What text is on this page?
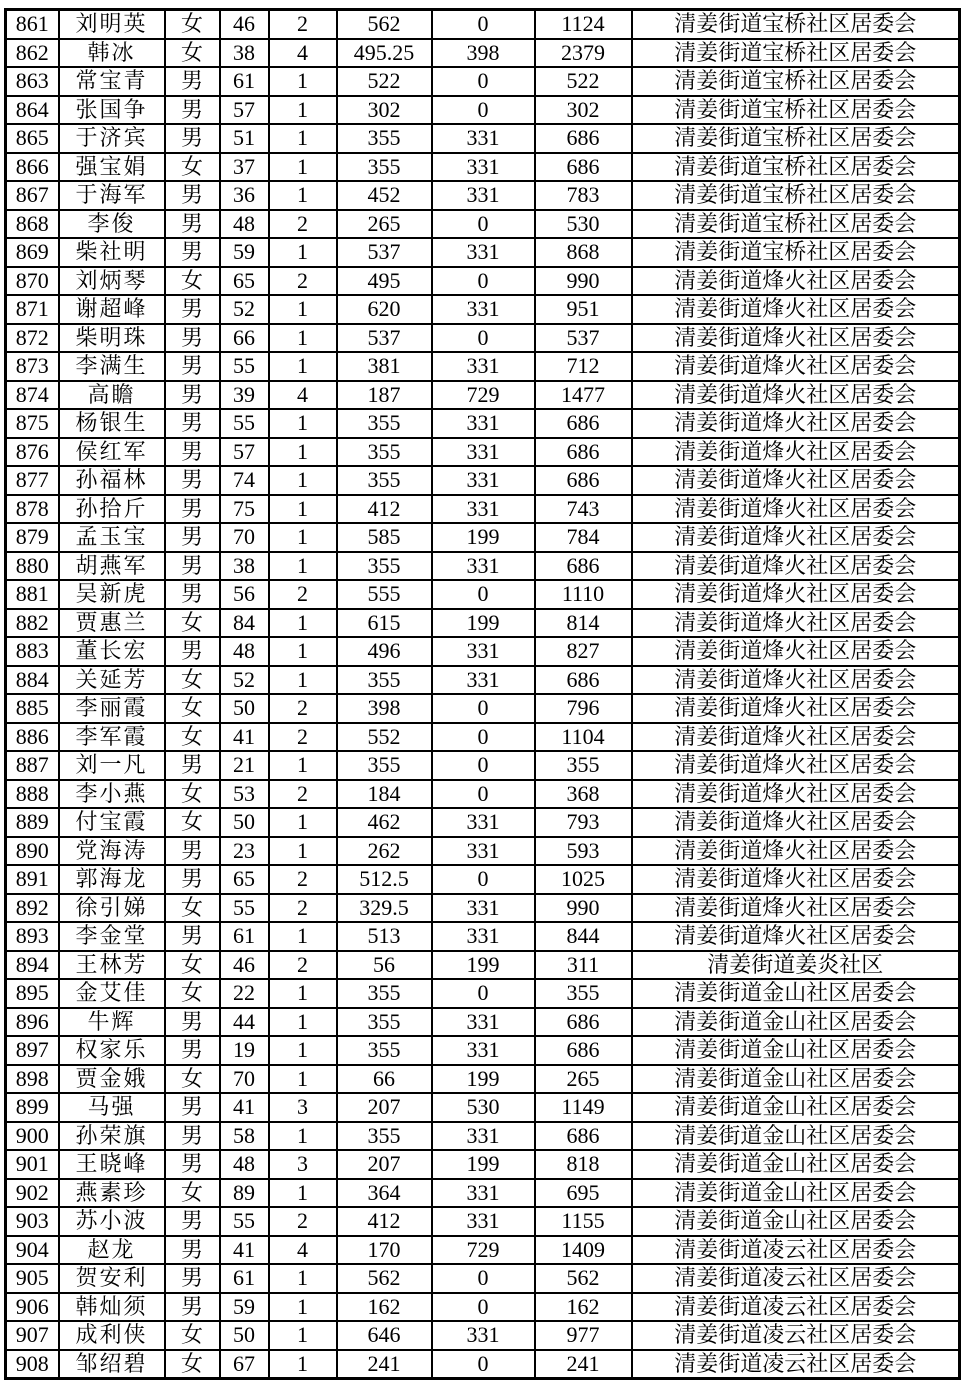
861	刘明英	女	46	2	562	0	1124	清姜街道宝桥社区居委会
862	韩冰	女	38	4	495.25	398	2379	清姜街道宝桥社区居委会
863	常宝青	男	61	1	522	0	522	清姜街道宝桥社区居委会
864	张国争	男	57	1	302	0	302	清姜街道宝桥社区居委会
865	于济宾	男	51	1	355	331	686	清姜街道宝桥社区居委会
866	强宝娟	女	37	1	355	331	686	清姜街道宝桥社区居委会
867	于海军	男	36	1	452	331	783	清姜街道宝桥社区居委会
868	李俊	男	48	2	265	0	530	清姜街道宝桥社区居委会
869	柴社明	男	59	1	537	331	868	清姜街道宝桥社区居委会
870	刘炳琴	女	65	2	495	0	990	清姜街道烽火社区居委会
871	谢超峰	男	52	1	620	331	951	清姜街道烽火社区居委会
872	柴明珠	男	66	1	537	0	537	清姜街道烽火社区居委会
873	李满生	男	55	1	381	331	712	清姜街道烽火社区居委会
874	高瞻	男	39	4	187	729	1477	清姜街道烽火社区居委会
875	杨银生	男	55	1	355	331	686	清姜街道烽火社区居委会
876	侯红军	男	57	1	355	331	686	清姜街道烽火社区居委会
877	孙福林	男	74	1	355	331	686	清姜街道烽火社区居委会
878	孙拾斤	男	75	1	412	331	743	清姜街道烽火社区居委会
879	孟玉宝	男	70	1	585	199	784	清姜街道烽火社区居委会
880	胡燕军	男	38	1	355	331	686	清姜街道烽火社区居委会
881	吴新虎	男	56	2	555	0	1110	清姜街道烽火社区居委会
882	贾惠兰	女	84	1	615	199	814	清姜街道烽火社区居委会
883	董长宏	男	48	1	496	331	827	清姜街道烽火社区居委会
884	关延芳	女	52	1	355	331	686	清姜街道烽火社区居委会
885	李丽霞	女	50	2	398	0	796	清姜街道烽火社区居委会
886	李军霞	女	41	2	552	0	1104	清姜街道烽火社区居委会
887	刘一凡	男	21	1	355	0	355	清姜街道烽火社区居委会
888	李小燕	女	53	2	184	0	368	清姜街道烽火社区居委会
889	付宝霞	女	50	1	462	331	793	清姜街道烽火社区居委会
890	党海涛	男	23	1	262	331	593	清姜街道烽火社区居委会
891	郭海龙	男	65	2	512.5	0	1025	清姜街道烽火社区居委会
892	徐引娣	女	55	2	329.5	331	990	清姜街道烽火社区居委会
893	李金堂	男	61	1	513	331	844	清姜街道烽火社区居委会
894	王林芳	女	46	2	56	199	311	清姜街道姜炎社区
895	金艾佳	女	22	1	355	0	355	清姜街道金山社区居委会
896	牛辉	男	44	1	355	331	686	清姜街道金山社区居委会
897	权家乐	男	19	1	355	331	686	清姜街道金山社区居委会
898	贾金娥	女	70	1	66	199	265	清姜街道金山社区居委会
899	马强	男	41	3	207	530	1149	清姜街道金山社区居委会
900	孙荣旗	男	58	1	355	331	686	清姜街道金山社区居委会
901	王晓峰	男	48	3	207	199	818	清姜街道金山社区居委会
902	燕素珍	女	89	1	364	331	695	清姜街道金山社区居委会
903	苏小波	男	55	2	412	331	1155	清姜街道金山社区居委会
904	赵龙	男	41	4	170	729	1409	清姜街道凌云社区居委会
905	贺安利	男	61	1	562	0	562	清姜街道凌云社区居委会
906	韩灿须	男	59	1	162	0	162	清姜街道凌云社区居委会
907	成利侠	女	50	1	646	331	977	清姜街道凌云社区居委会
908	邹绍碧	女	67	1	241	0	241	清姜街道凌云社区居委会
